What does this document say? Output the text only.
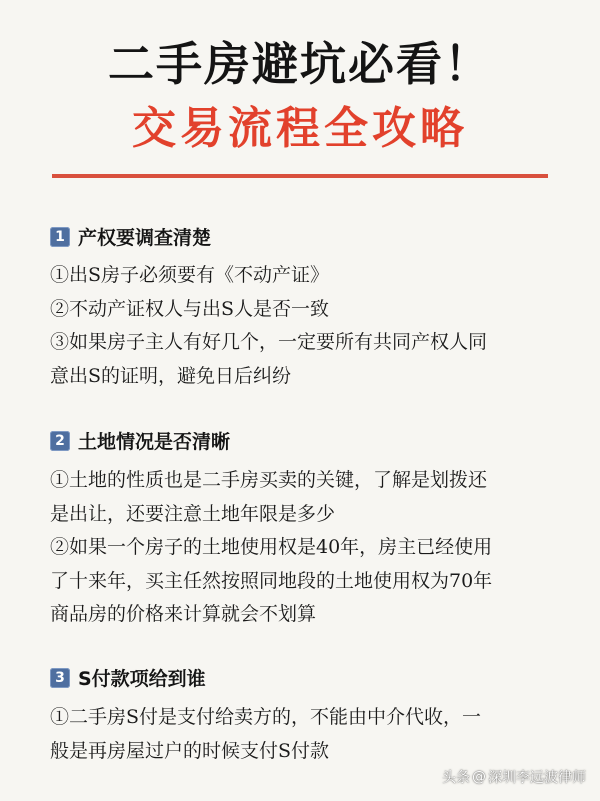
二手房避坑必看！
交易流程全攻略
1 产权要调查清楚
①出S房子必须要有《不动产证》
②不动产证权人与出S人是否一致
③如果房子主人有好几个，一定要所有共同产权人同
意出S的证明，避免日后纠纷
2 土地情况是否清晰
①土地的性质也是二手房买卖的关键，了解是划拨还
是出让，还要注意土地年限是多少
②如果一个房子的土地使用权是40年，房主已经使用
了十来年，买主任然按照同地段的土地使用权为70年
商品房的价格来计算就会不划算
3 S付款项给到谁
①二手房S付是支付给卖方的，不能由中介代收，一
般是再房屋过户的时候支付S付款
头条 @ 深圳李远波律师
